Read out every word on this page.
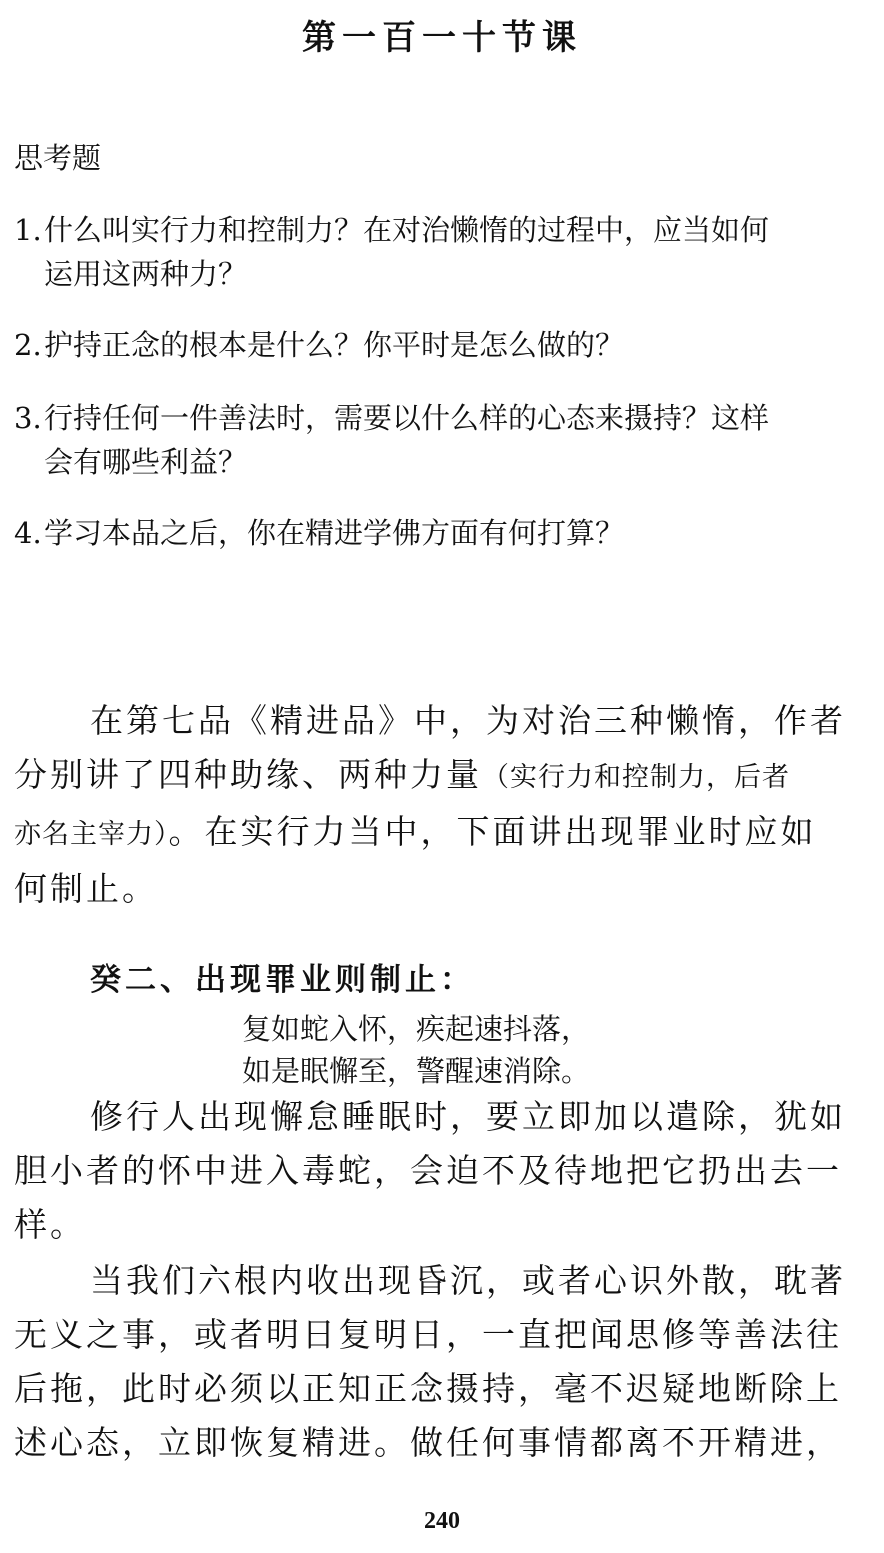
第一百一十节课
思考题
1.什么叫实行力和控制力？在对治懒惰的过程中，应当如何
运用这两种力？
2.护持正念的根本是什么？你平时是怎么做的？
3.行持任何一件善法时，需要以什么样的心态来摄持？这样
会有哪些利益？
4.学习本品之后，你在精进学佛方面有何打算？
在第七品《精进品》中，为对治三种懒惰，作者
分别讲了四种助缘、两种力量（实行力和控制力，后者
亦名主宰力）。在实行力当中，下面讲出现罪业时应如
何制止。
癸二、出现罪业则制止：
复如蛇入怀，疾起速抖落，
如是眠懈至，警醒速消除。
修行人出现懈怠睡眠时，要立即加以遣除，犹如
胆小者的怀中进入毒蛇，会迫不及待地把它扔出去一
样。
当我们六根内收出现昏沉，或者心识外散，耽著
无义之事，或者明日复明日，一直把闻思修等善法往
后拖，此时必须以正知正念摄持，毫不迟疑地断除上
述心态，立即恢复精进。做任何事情都离不开精进，
240
